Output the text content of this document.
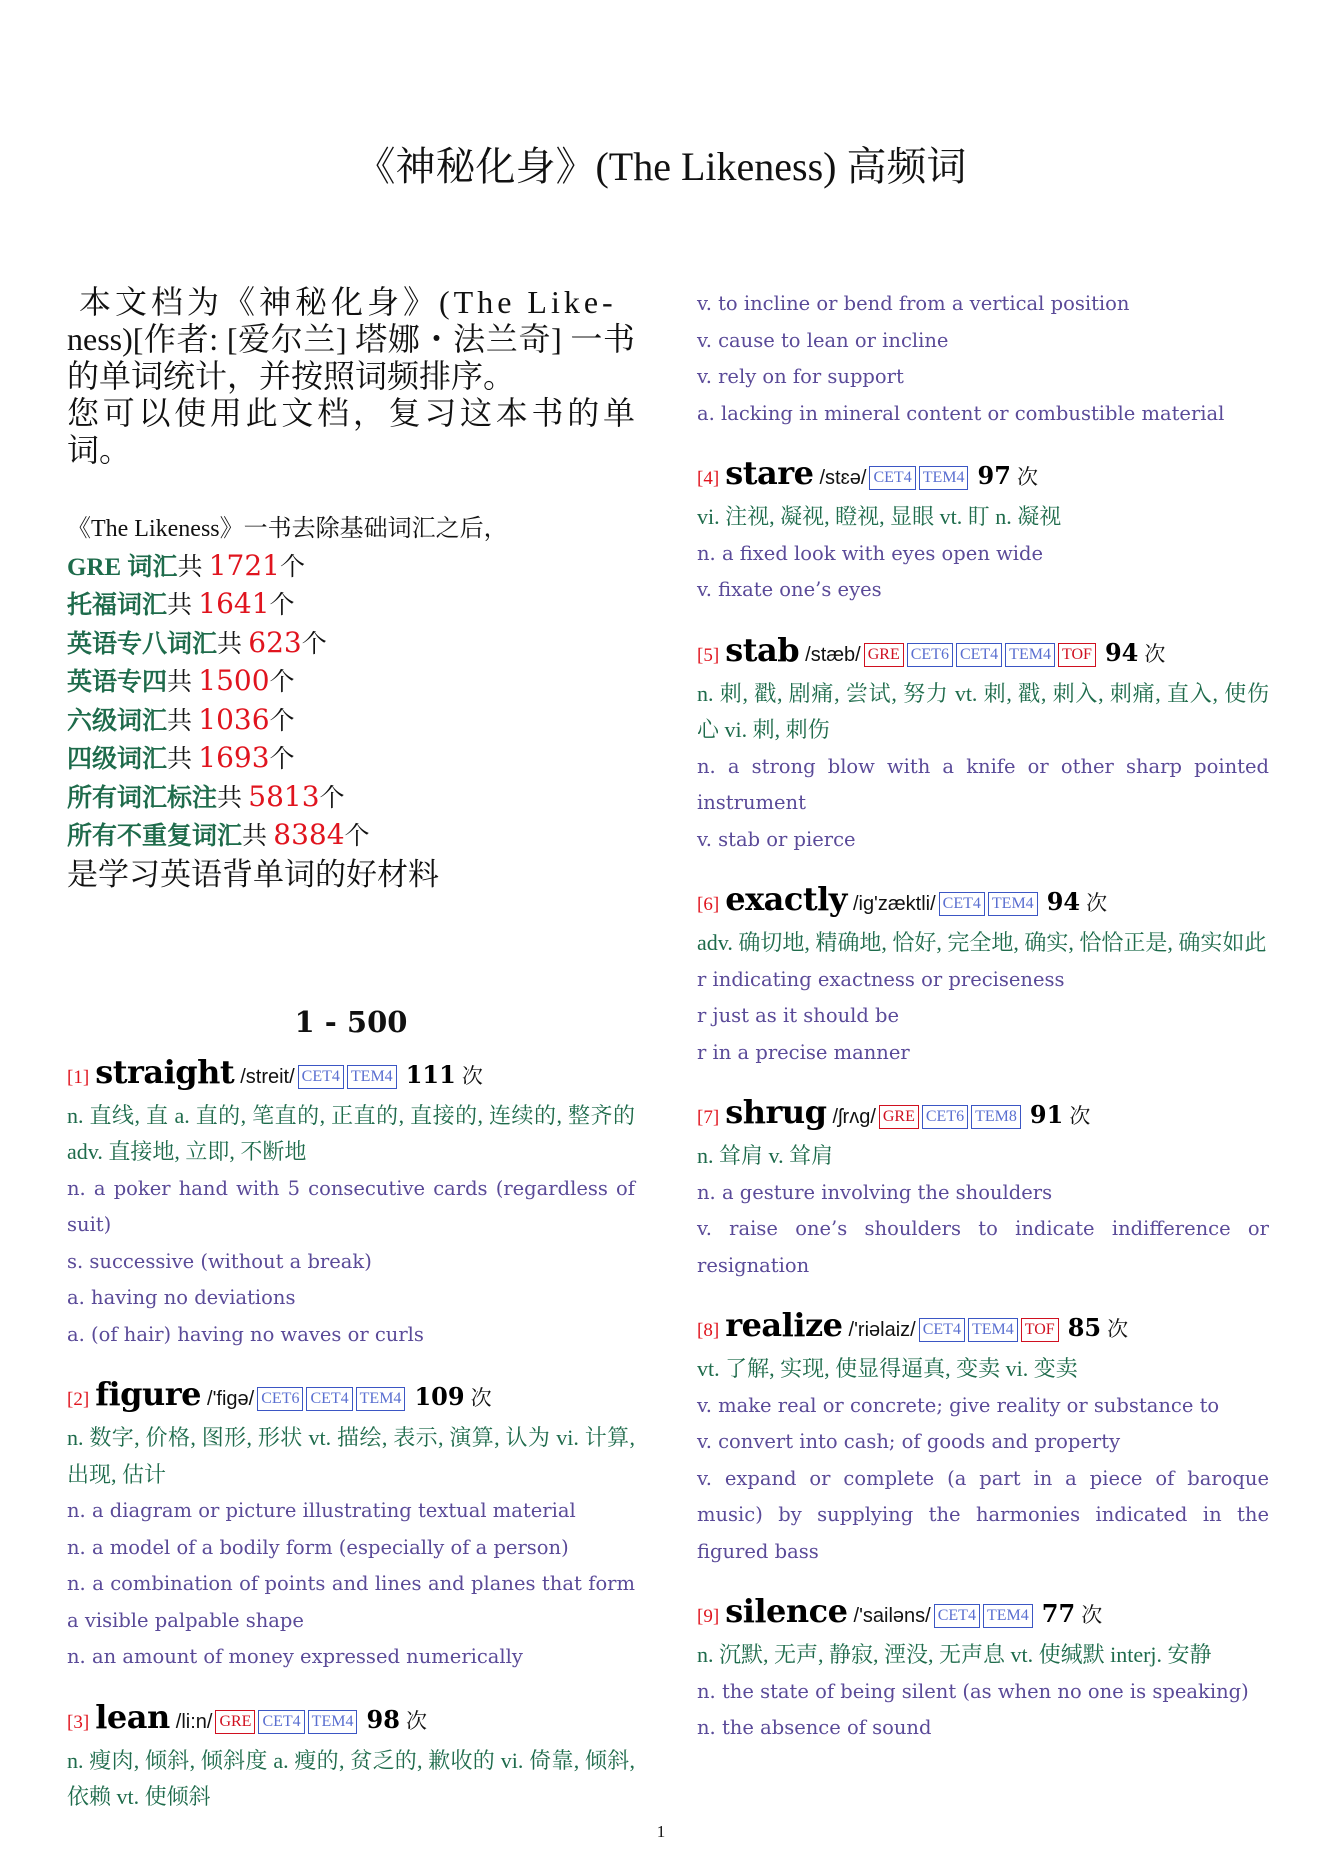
《神秘化身》(The Likeness) 高频词
本文档为《神秘化身》(The Like-
ness)[作者: [爱尔兰] 塔娜・法兰奇] 一书的单词统计，并按照词频排序。
您可以使用此文档，复习这本书的单词。
《The Likeness》一书去除基础词汇之后，
GRE 词汇共 1721个
托福词汇共 1641个
英语专八词汇共 623个
英语专四共 1500个
六级词汇共 1036个
四级词汇共 1693个
所有词汇标注共 5813个
所有不重复词汇共 8384个
是学习英语背单词的好材料
1 - 500
[1] straight /streit/ CET4 TEM4 111 次
n. 直线, 直 a. 直的, 笔直的, 正直的, 直接的, 连续的, 整齐的 adv. 直接地, 立即, 不断地
n. a poker hand with 5 consecutive cards (regardless of suit)
s. successive (without a break)
a. having no deviations
a. (of hair) having no waves or curls
[2] figure /'figə/ CET6 CET4 TEM4 109 次
n. 数字, 价格, 图形, 形状 vt. 描绘, 表示, 演算, 认为 vi. 计算, 出现, 估计
n. a diagram or picture illustrating textual material
n. a model of a bodily form (especially of a person)
n. a combination of points and lines and planes that form a visible palpable shape
n. an amount of money expressed numerically
[3] lean /li:n/ GRE CET4 TEM4 98 次
n. 瘦肉, 倾斜, 倾斜度 a. 瘦的, 贫乏的, 歉收的 vi. 倚靠, 倾斜, 依赖 vt. 使倾斜
v. to incline or bend from a vertical position
v. cause to lean or incline
v. rely on for support
a. lacking in mineral content or combustible material
[4] stare /stɛə/ CET4 TEM4 97 次
vi. 注视, 凝视, 瞪视, 显眼 vt. 盯 n. 凝视
n. a fixed look with eyes open wide
v. fixate one’s eyes
[5] stab /stæb/ GRE CET6 CET4 TEM4 TOF 94 次
n. 刺, 戳, 剧痛, 尝试, 努力 vt. 刺, 戳, 刺入, 刺痛, 直入, 使伤心 vi. 刺, 刺伤
n. a strong blow with a knife or other sharp pointed instrument
v. stab or pierce
[6] exactly /ig'zæktli/ CET4 TEM4 94 次
adv. 确切地, 精确地, 恰好, 完全地, 确实, 恰恰正是, 确实如此
r indicating exactness or preciseness
r just as it should be
r in a precise manner
[7] shrug /ʃrʌg/ GRE CET6 TEM8 91 次
n. 耸肩 v. 耸肩
n. a gesture involving the shoulders
v. raise one’s shoulders to indicate indifference or resignation
[8] realize /'riəlaiz/ CET4 TEM4 TOF 85 次
vt. 了解, 实现, 使显得逼真, 变卖 vi. 变卖
v. make real or concrete; give reality or substance to
v. convert into cash; of goods and property
v. expand or complete (a part in a piece of baroque music) by supplying the harmonies indicated in the figured bass
[9] silence /'sailəns/ CET4 TEM4 77 次
n. 沉默, 无声, 静寂, 湮没, 无声息 vt. 使缄默 interj. 安静
n. the state of being silent (as when no one is speaking)
n. the absence of sound
1
